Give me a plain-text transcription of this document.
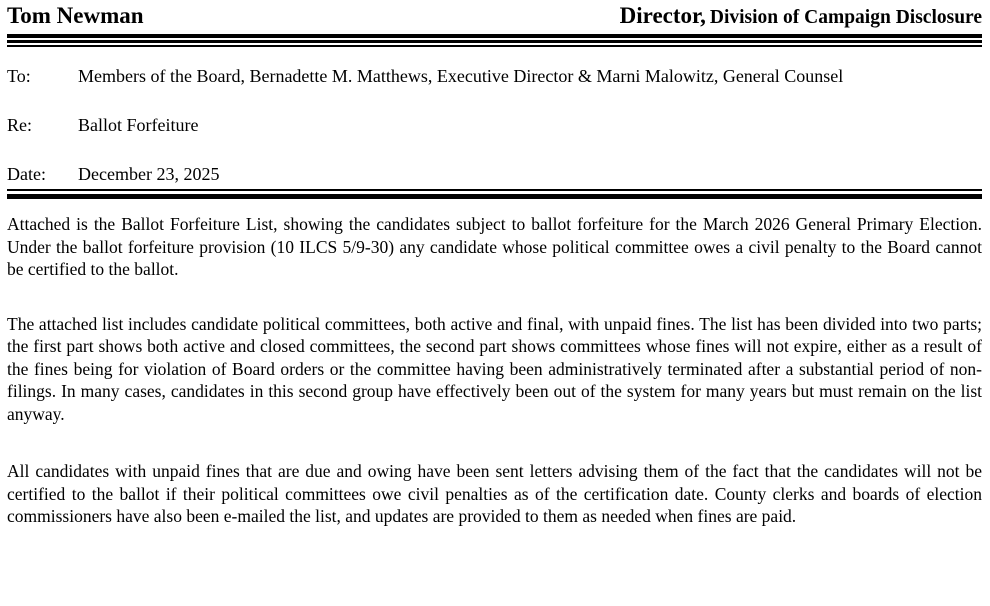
Tom Newman	Director, Division of Campaign Disclosure
To:	Members of the Board, Bernadette M. Matthews, Executive Director & Marni Malowitz, General Counsel
Re:	Ballot Forfeiture
Date:	December 23, 2025

Attached is the Ballot Forfeiture List, showing the candidates subject to ballot forfeiture for the March 2026 General Primary Election. Under the ballot forfeiture provision (10 ILCS 5/9-30) any candidate whose political committee owes a civil penalty to the Board cannot be certified to the ballot.

The attached list includes candidate political committees, both active and final, with unpaid fines. The list has been divided into two parts; the first part shows both active and closed committees, the second part shows committees whose fines will not expire, either as a result of the fines being for violation of Board orders or the committee having been administratively terminated after a substantial period of non-filings. In many cases, candidates in this second group have effectively been out of the system for many years but must remain on the list anyway.

All candidates with unpaid fines that are due and owing have been sent letters advising them of the fact that the candidates will not be certified to the ballot if their political committees owe civil penalties as of the certification date. County clerks and boards of election commissioners have also been e-mailed the list, and updates are provided to them as needed when fines are paid.
